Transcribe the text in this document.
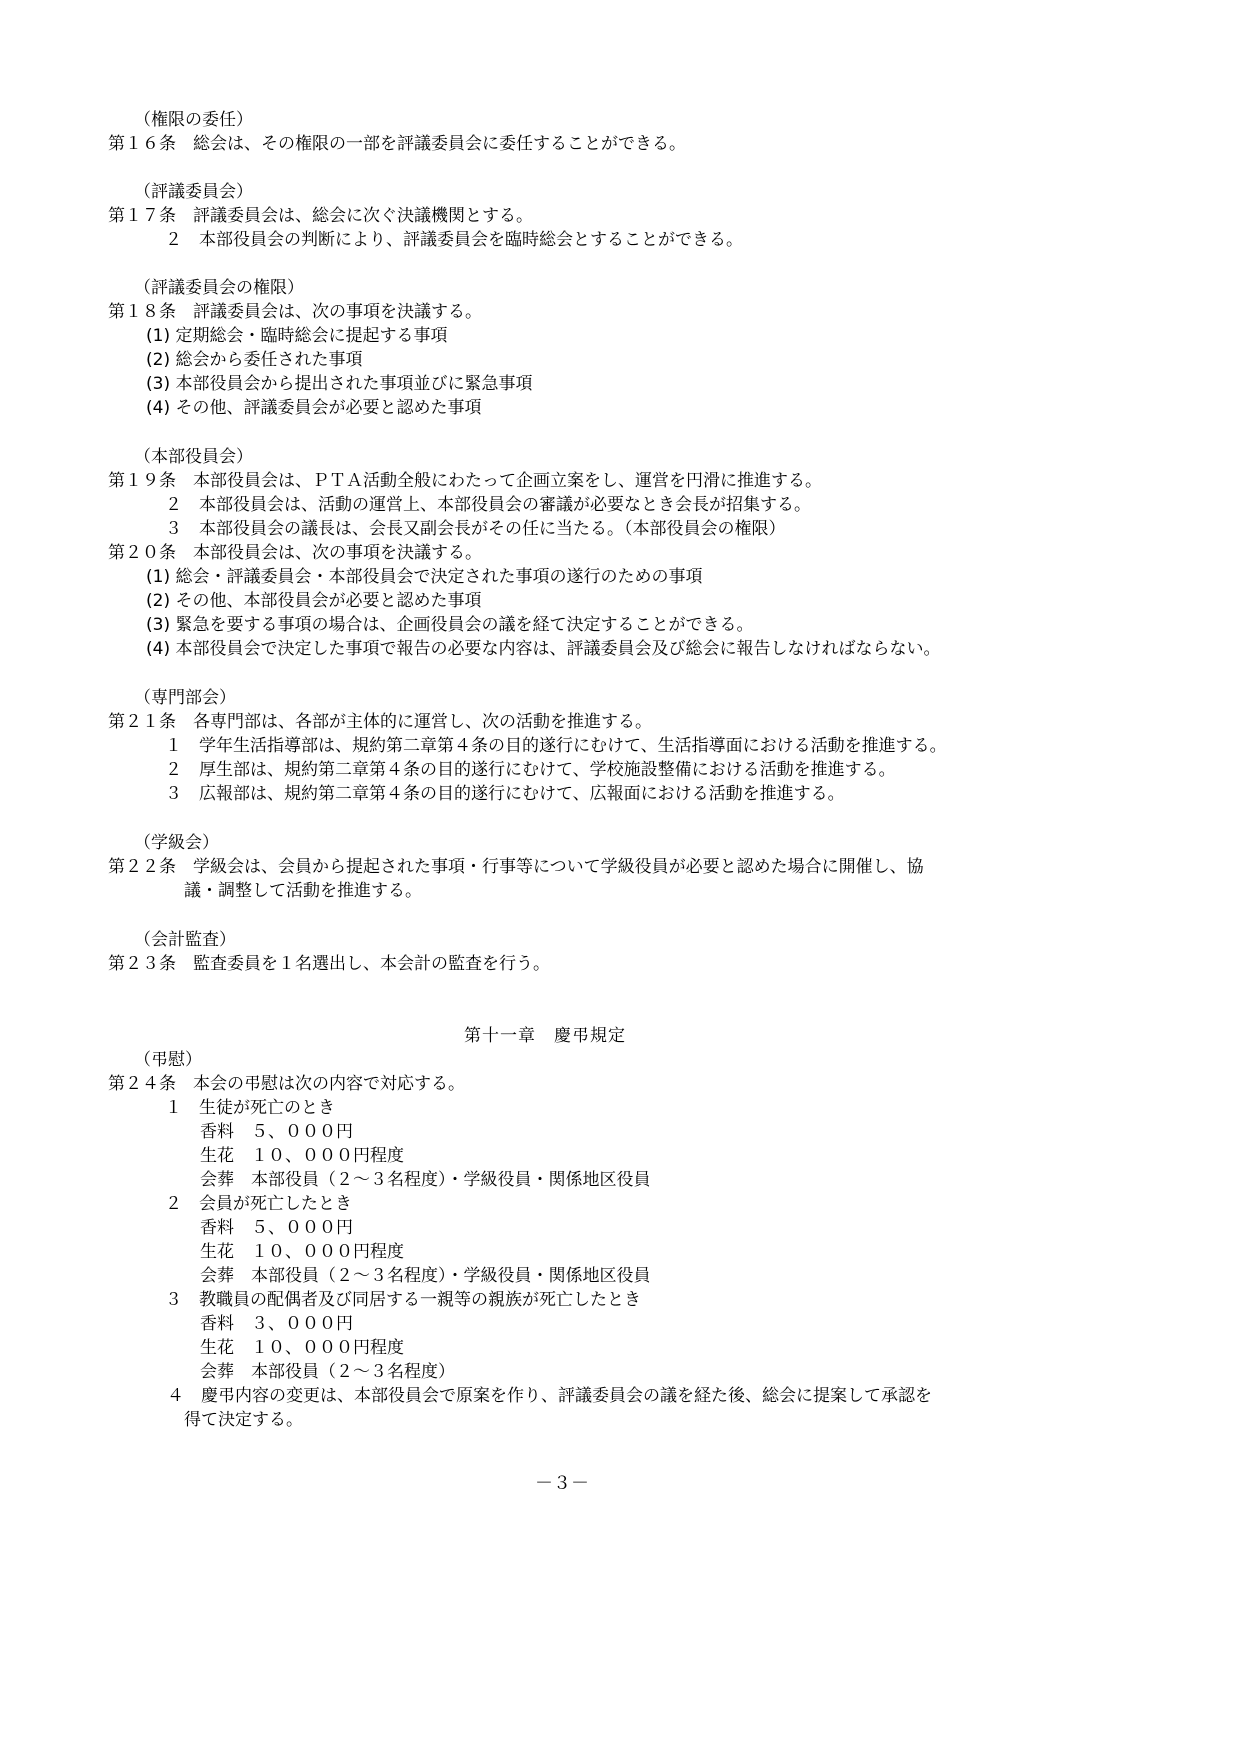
（権限の委任）
第１６条　総会は、その権限の一部を評議委員会に委任することができる。
（評議委員会）
第１７条　評議委員会は、総会に次ぐ決議機関とする。
２　本部役員会の判断により、評議委員会を臨時総会とすることができる。
（評議委員会の権限）
第１８条　評議委員会は、次の事項を決議する。
(1) 定期総会・臨時総会に提起する事項
(2) 総会から委任された事項
(3) 本部役員会から提出された事項並びに緊急事項
(4) その他、評議委員会が必要と認めた事項
（本部役員会）
第１９条　本部役員会は、ＰＴＡ活動全般にわたって企画立案をし、運営を円滑に推進する。
２　本部役員会は、活動の運営上、本部役員会の審議が必要なとき会長が招集する。
３　本部役員会の議長は、会長又副会長がその任に当たる。（本部役員会の権限）
第２０条　本部役員会は、次の事項を決議する。
(1) 総会・評議委員会・本部役員会で決定された事項の遂行のための事項
(2) その他、本部役員会が必要と認めた事項
(3) 緊急を要する事項の場合は、企画役員会の議を経て決定することができる。
(4) 本部役員会で決定した事項で報告の必要な内容は、評議委員会及び総会に報告しなければならない。
（専門部会）
第２１条　各専門部は、各部が主体的に運営し、次の活動を推進する。
１　学年生活指導部は、規約第二章第４条の目的遂行にむけて、生活指導面における活動を推進する。
２　厚生部は、規約第二章第４条の目的遂行にむけて、学校施設整備における活動を推進する。
３　広報部は、規約第二章第４条の目的遂行にむけて、広報面における活動を推進する。
（学級会）
第２２条　学級会は、会員から提起された事項・行事等について学級役員が必要と認めた場合に開催し、協
議・調整して活動を推進する。
（会計監査）
第２３条　監査委員を１名選出し、本会計の監査を行う。
第十一章　慶弔規定
（弔慰）
第２４条　本会の弔慰は次の内容で対応する。
１　生徒が死亡のとき
香料　５、０００円
生花　１０、０００円程度
会葬　本部役員（２～３名程度）・学級役員・関係地区役員
２　会員が死亡したとき
香料　５、０００円
生花　１０、０００円程度
会葬　本部役員（２～３名程度）・学級役員・関係地区役員
３　教職員の配偶者及び同居する一親等の親族が死亡したとき
香料　３、０００円
生花　１０、０００円程度
会葬　本部役員（２～３名程度）
４　慶弔内容の変更は、本部役員会で原案を作り、評議委員会の議を経た後、総会に提案して承認を
得て決定する。
－３－
